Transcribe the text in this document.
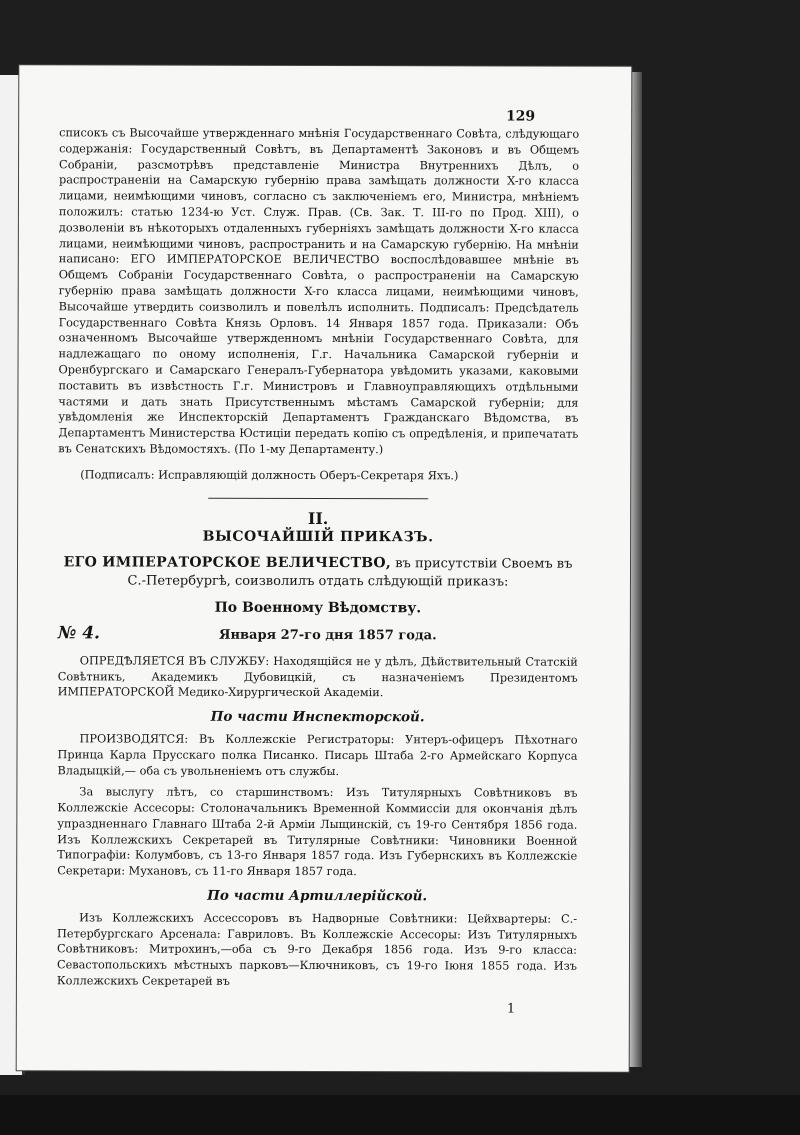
129

списокъ съ Высочайше утвержденнаго мнѣнія Государственнаго Совѣта, слѣдующаго содержанія: Государственный Совѣтъ, въ Департаментѣ Законовъ и въ Общемъ Собраніи, разсмотрѣвъ представленіе Министра Внутреннихъ Дѣлъ, о распространеніи на Самарскую губернію права замѣщать должности X-го класса лицами, неимѣющими чиновъ, согласно съ заключеніемъ его, Министра, мнѣніемъ положилъ: статью 1234-ю Уст. Служ. Прав. (Св. Зак. Т. III-го по Прод. XIII), о дозволеніи въ нѣкоторыхъ отдаленныхъ губерніяхъ замѣщать должности X-го класса лицами, неимѣющими чиновъ, распространить и на Самарскую губернію. На мнѣніи написано: ЕГО ИМПЕРАТОРСКОЕ ВЕЛИЧЕСТВО воспослѣдовавшее мнѣніе въ Общемъ Собраніи Государственнаго Совѣта, о распространеніи на Самарскую губернію права замѣщать должности X-го класса лицами, неимѣющими чиновъ, Высочайше утвердить соизволилъ и повелѣлъ исполнить. Подписалъ: Предсѣдатель Государственнаго Совѣта Князь Орловъ. 14 Января 1857 года. Приказали: Объ означенномъ Высочайше утвержденномъ мнѣніи Государственнаго Совѣта, для надлежащаго по оному исполненія, Г.г. Начальника Самарской губерніи и Оренбургскаго и Самарскаго Генералъ-Губернатора увѣдомить указами, каковыми поставить въ извѣстность Г.г. Министровъ и Главноуправляющихъ отдѣльными частями и дать знать Присутственнымъ мѣстамъ Самарской губерніи; для увѣдомленія же Инспекторскій Департаментъ Гражданскаго Вѣдомства, въ Департаментъ Министерства Юстиціи передать копію съ опредѣленія, и припечатать въ Сенатскихъ Вѣдомостяхъ. (По 1-му Департаменту.)

(Подписалъ: Исправляющій должность Оберъ-Секретаря Яхъ.)

II.
ВЫСОЧАЙШІЙ ПРИКАЗЪ.
ЕГО ИМПЕРАТОРСКОЕ ВЕЛИЧЕСТВО, въ присутствіи Своемъ въ С.-Петербургѣ, соизволилъ отдать слѣдующій приказъ:
По Военному Вѣдомству.
№ 4.	Января 27-го дня 1857 года.

ОПРЕДѢЛЯЕТСЯ ВЪ СЛУЖБУ: Находящійся не у дѣлъ, Дѣйствительный Статскій Совѣтникъ, Академикъ Дубовицкій, съ назначеніемъ Президентомъ ИМПЕРАТОРСКОЙ Медико-Хирургической Академіи.

По части Инспекторской.

ПРОИЗВОДЯТСЯ: Въ Коллежскіе Регистраторы: Унтеръ-офицеръ Пѣхотнаго Принца Карла Прусскаго полка Писанко. Писарь Штаба 2-го Армейскаго Корпуса Владыцкій,— оба съ увольненіемъ отъ службы.

За выслугу лѣтъ, со старшинствомъ: Изъ Титулярныхъ Совѣтниковъ въ Коллежскіе Ассесоры: Столоначальникъ Временной Коммиссіи для окончанія дѣлъ упраздненнаго Главнаго Штаба 2-й Арміи Лыщинскій, съ 19-го Сентября 1856 года. Изъ Коллежскихъ Секретарей въ Титулярные Совѣтники: Чиновники Военной Типографіи: Колумбовъ, съ 13-го Января 1857 года. Изъ Губернскихъ въ Коллежскіе Секретари: Мухановъ, съ 11-го Января 1857 года.

По части Артиллерійской.

Изъ Коллежскихъ Ассессоровъ въ Надворные Совѣтники: Цейхвартеры: С.-Петербургскаго Арсенала: Гавриловъ. Въ Коллежскіе Ассесоры: Изъ Титулярныхъ Совѣтниковъ: Митрохинъ,—оба съ 9-го Декабря 1856 года. Изъ 9-го класса: Севастопольскихъ мѣстныхъ парковъ—Ключниковъ, съ 19-го Іюня 1855 года. Изъ Коллежскихъ Секретарей въ

1
